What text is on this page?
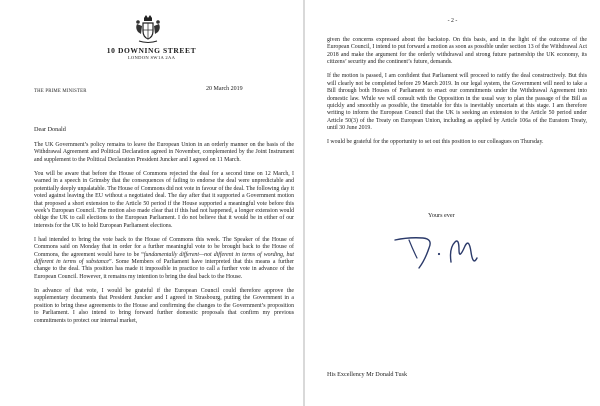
10 DOWNING STREET
LONDON SW1A 2AA
THE PRIME MINISTER	20 March 2019
Dear Donald

The UK Government’s policy remains to leave the European Union in an orderly manner on the basis of the Withdrawal Agreement and Political Declaration agreed in November, complemented by the Joint Instrument and supplement to the Political Declaration President Juncker and I agreed on 11 March.

You will be aware that before the House of Commons rejected the deal for a second time on 12 March, I warned in a speech in Grimsby that the consequences of failing to endorse the deal were unpredictable and potentially deeply unpalatable. The House of Commons did not vote in favour of the deal. The following day it voted against leaving the EU without a negotiated deal. The day after that it supported a Government motion that proposed a short extension to the Article 50 period if the House supported a meaningful vote before this week’s European Council. The motion also made clear that if this had not happened, a longer extension would oblige the UK to call elections to the European Parliament. I do not believe that it would be in either of our interests for the UK to hold European Parliament elections.

I had intended to bring the vote back to the House of Commons this week. The Speaker of the House of Commons said on Monday that in order for a further meaningful vote to be brought back to the House of Commons, the agreement would have to be “fundamentally different—not different in terms of wording, but different in terms of substance”. Some Members of Parliament have interpreted that this means a further change to the deal. This position has made it impossible in practice to call a further vote in advance of the European Council. However, it remains my intention to bring the deal back to the House.

In advance of that vote, I would be grateful if the European Council could therefore approve the supplementary documents that President Juncker and I agreed in Strasbourg, putting the Government in a position to bring these agreements to the House and confirming the changes to the Government’s proposition to Parliament. I also intend to bring forward further domestic proposals that confirm my previous commitments to protect our internal market,

- 2 -

given the concerns expressed about the backstop. On this basis, and in the light of the outcome of the European Council, I intend to put forward a motion as soon as possible under section 13 of the Withdrawal Act 2018 and make the argument for the orderly withdrawal and strong future partnership the UK economy, its citizens’ security and the continent’s future, demands.

If the motion is passed, I am confident that Parliament will proceed to ratify the deal constructively. But this will clearly not be completed before 29 March 2019. In our legal system, the Government will need to take a Bill through both Houses of Parliament to enact our commitments under the Withdrawal Agreement into domestic law. While we will consult with the Opposition in the usual way to plan the passage of the Bill as quickly and smoothly as possible, the timetable for this is inevitably uncertain at this stage. I am therefore writing to inform the European Council that the UK is seeking an extension to the Article 50 period under Article 50(3) of the Treaty on European Union, including as applied by Article 106a of the Euratom Treaty, until 30 June 2019.

I would be grateful for the opportunity to set out this position to our colleagues on Thursday.

Yours ever
His Excellency Mr Donald Tusk
